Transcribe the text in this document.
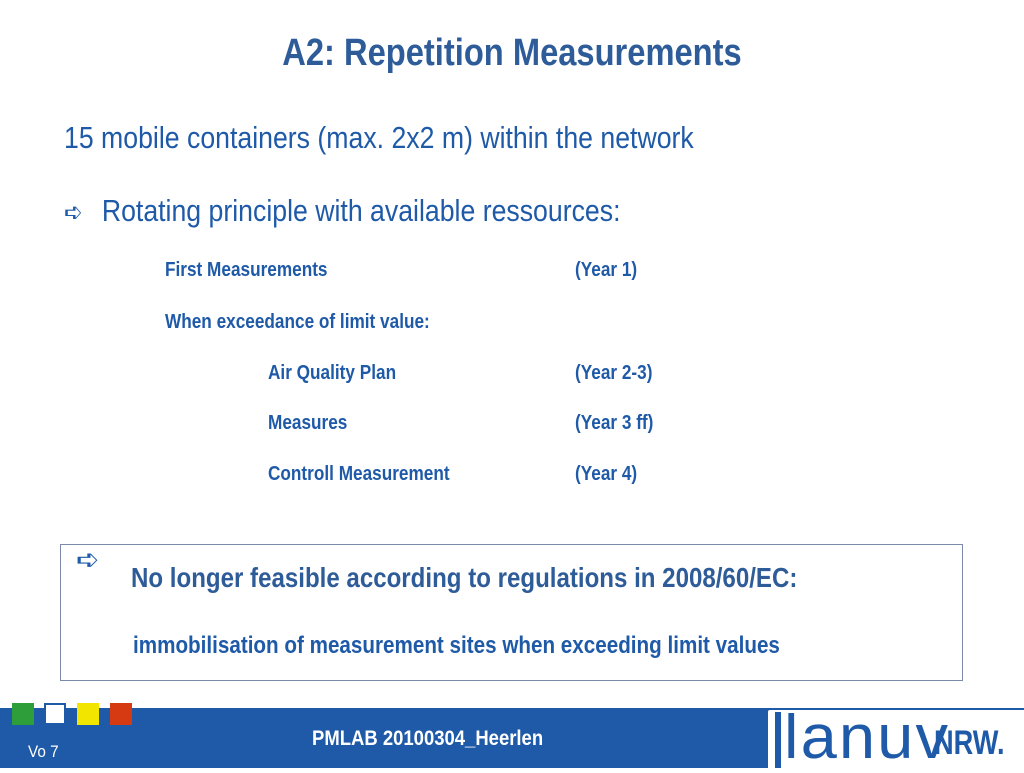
A2: Repetition Measurements
15 mobile containers (max. 2x2 m) within the network
➪ Rotating principle with available ressources:
First Measurements	(Year 1)
When exceedance of limit value:
Air Quality Plan	(Year 2-3)
Measures	(Year 3 ff)
Controll Measurement	(Year 4)
➪
No longer feasible according to regulations in 2008/60/EC:
immobilisation of measurement sites when exceeding limit values
Vo 7
PMLAB 20100304_Heerlen	lanuv
NRW.
